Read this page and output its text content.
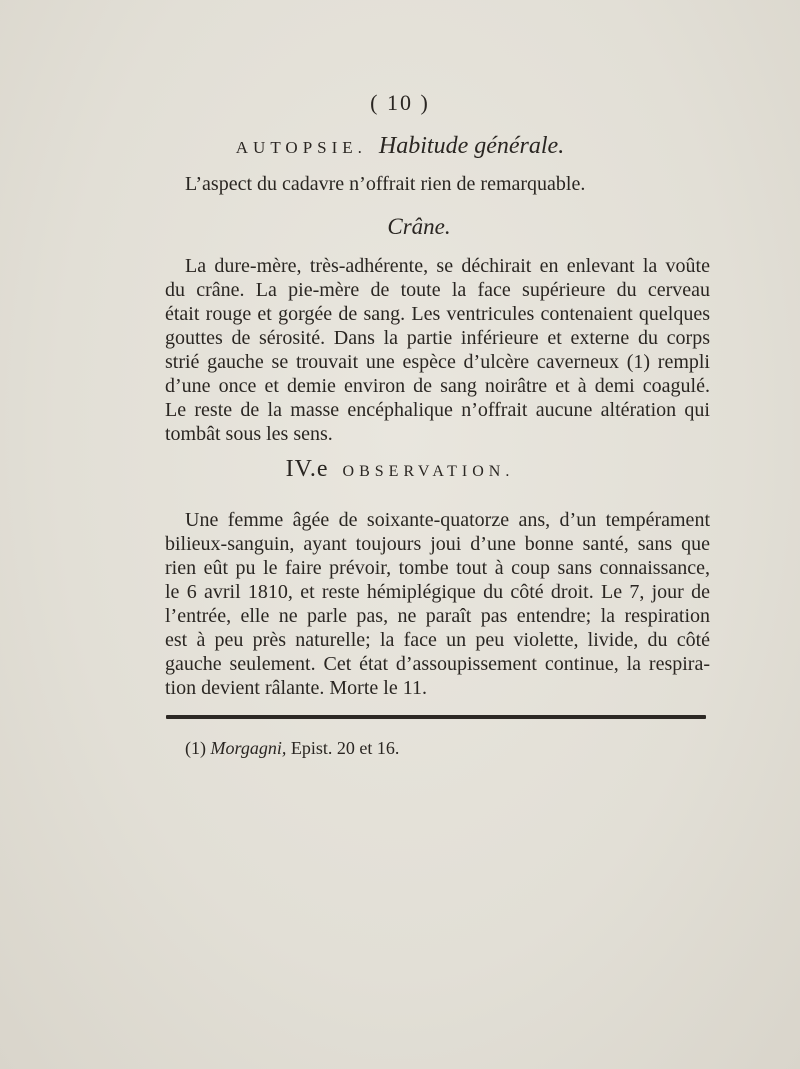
( 10 )
AUTOPSIE. Habitude générale.
L’aspect du cadavre n’offrait rien de remarquable.
Crâne.
La dure-mère, très-adhérente, se déchirait en enlevant la voûte
du crâne. La pie-mère de toute la face supérieure du cerveau
était rouge et gorgée de sang. Les ventricules contenaient quelques
gouttes de sérosité. Dans la partie inférieure et externe du corps
strié gauche se trouvait une espèce d’ulcère caverneux (1) rempli
d’une once et demie environ de sang noirâtre et à demi coagulé.
Le reste de la masse encéphalique n’offrait aucune altération qui
tombât sous les sens.
IV.e OBSERVATION.
Une femme âgée de soixante-quatorze ans, d’un tempérament
bilieux-sanguin, ayant toujours joui d’une bonne santé, sans que
rien eût pu le faire prévoir, tombe tout à coup sans connaissance,
le 6 avril 1810, et reste hémiplégique du côté droit. Le 7, jour de
l’entrée, elle ne parle pas, ne paraît pas entendre; la respiration
est à peu près naturelle; la face un peu violette, livide, du côté
gauche seulement. Cet état d’assoupissement continue, la respira-
tion devient râlante. Morte le 11.
(1) Morgagni, Epist. 20 et 16.
